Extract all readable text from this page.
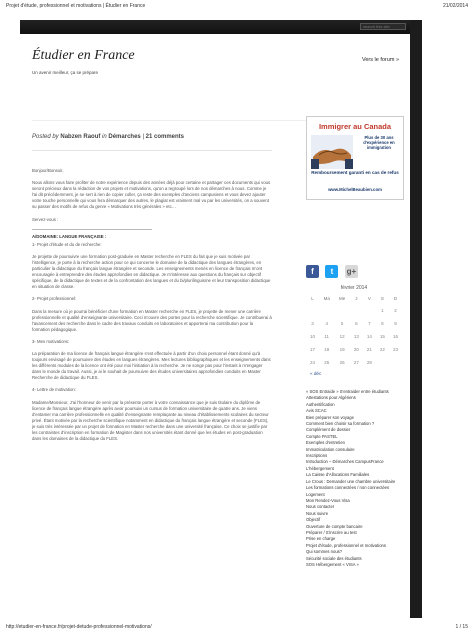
Projet d'étude, professionnel et motivations | Étudier en France	21/02/2014
search this site
Étudier en France
Un avenir meilleur, ça se prépare
Vers le forum »
Posted by Nabzen Raouf in Démarches | 21 comments

Bonjour/Bonsoir,

Nous allons vous faire profiter de notre expérience depuis des années déjà pour certaine et partager ces documents qui vous seront précieux dans la rédaction de vos projets et motivations, qu'on a regroupé lors de nos démarches à nous. Comme je l'ai dit précédemment, je ne sert à rien de copier coller, ça reste des exemples d'anciens campusiens et vous devez ajouter votre touche personnelle qui vous fera démarquer des autres, le plagiat est vraiment mal vu par les universités, on a souvent su passer des motifs de refus du genre « Motivations très générales » etc…

Servez-vous :

A/DOMAINE: LANGUE FRANÇAISE :

1- Projet d'étude et du de recherche:

Je projette de poursuivre une formation post-graduée en Master recherche en FLES du fait que je suis motivée par l'intelligence, je porte à la recherche action pour ce qui concerne le domaine de la didactique des langues étrangères, en particulier la didactique du français langue étrangère et seconde. Les enseignements menés en licence de français m'ont encouragée à entreprendre des études approfondies en didactique. Je m'intéresse aux questions du français sur objectif spécifique, de la didactique de textes et de la confrontation des langues et du bi/plurilinguisme et leur transposition didactique en situation de classe.

2- Projet professionnel:

Dans la mesure où je pourrai bénéficier d'une formation en Master recherche en FLES, je projette de mener une carrière professionnelle et qualité d'enseignante universitaire. Ceci m'ouvre des portes pour la recherche scientifique. Je contribuerai à l'avancement des recherche dans le cadre des travaux conduits en laboratoires et apporterai ma contribution pour la formation pédagogique.

3- Mes motivations:

La préparation de ma licence de français langue étrangère s'est effectuée à partir d'un choix personnel étant donné qu'à toujours envisagé de poursuivre des études en langues étrangères. Mes lectures bibliographiques et les enseignements dans les différents modules de la licence ont été pour moi l'initiation à la recherche. Je ne songe pas pour l'instant à m'engager dans le monde du travail. Aussi, je ai le souhait de poursuivre des études universitaires approfondies conduits en Master Recherche de didactique du FLES.

4- Lettre de motivation:

Madame/Monsieur, J'ai l'honneur de venir par la présente porter à votre connaissance que je suis titulaire du diplôme de licence de français langue étrangère après avoir poursuivi un cursus de formation universitaire de quatre ans. Je viens d'entamer ma carrière professionnelle en qualité d'enseignante remplaçante au niveau d'établissements scolaires du secteur privé. Étant motivée par la recherche scientifique notamment en didactique du français langue étrangère et seconde (FLES), je suis très intéressée par un projet de formation en Master recherche dans une université française. Ce choix se justifie par les contraintes d'inscription en formation de Magister dans nos universités étant donné que les études en post-graduation dans les domaines de la didactique du FLES.

Immigrer au Canada
Plus de 30 ans d'expérience en immigration
Remboursement garanti en cas de refus
www.MichelBeaubien.com
f t g+
février 2014
L	Ma	Me	J	V	S	D
					1	2
3	4	5	6	7	8	9
10	11	12	13	14	15	16
17	18	19	20	21	22	23
24	25	26	27	28		
« déc
« SOS Entraide » S'entraider entre étudiants
Attestations pour Algériens
Authentification
Avis SCAC
Bien préparer son voyage
Comment bien choisir sa formation ?
Complément de dossier
Compte PASTEL
Exemples d'entretien
Immatriculation consulaire
Inscriptions
Introduction – Démarches CampusFrance
L'hébergement
La Caisse d'Allocations Familiales
Le Crous : Demander une chambre universitaire
Les formations connectées / non connectées
Logement
Mon Rendez-Vous Visa
Nous contacter
Nous suivre
Objectif
Ouverture de compte bancaire
Préparer / S'inscrire au test
Prise en charge
Projet d'étude, professionnel et motivations
Qui sommes nous?
Sécurité sociale des étudiants
SOS Hébergement « VISA »
http://etudier-en-france.fr/projet-detude-professionnel-motivations/	1 / 15
